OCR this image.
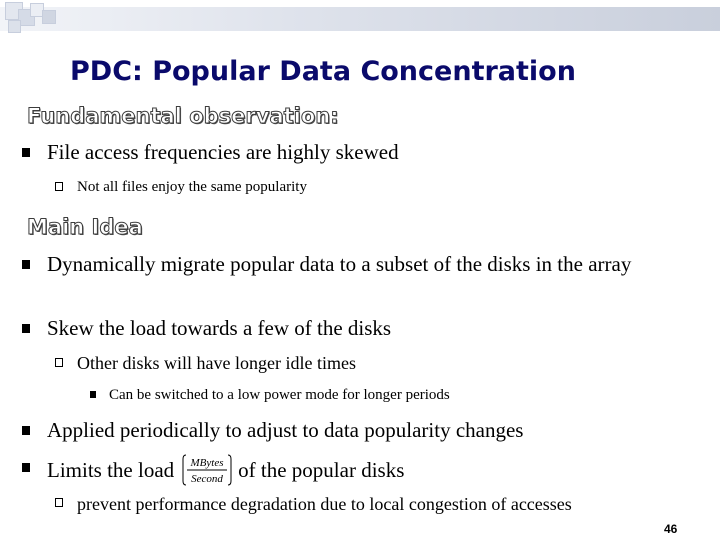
PDC: Popular Data Concentration
Fundamental observation:
File access frequencies are highly skewed
Not all files enjoy the same popularity
Main Idea
Dynamically migrate popular data to a subset of the disks in the array
Skew the load towards a few of the disks
Other disks will have longer idle times
Can be switched to a low power mode for longer periods
Applied periodically to adjust to data popularity changes
Limits the load MBytes
Second of the popular disks
prevent performance degradation due to local congestion of accesses
46
